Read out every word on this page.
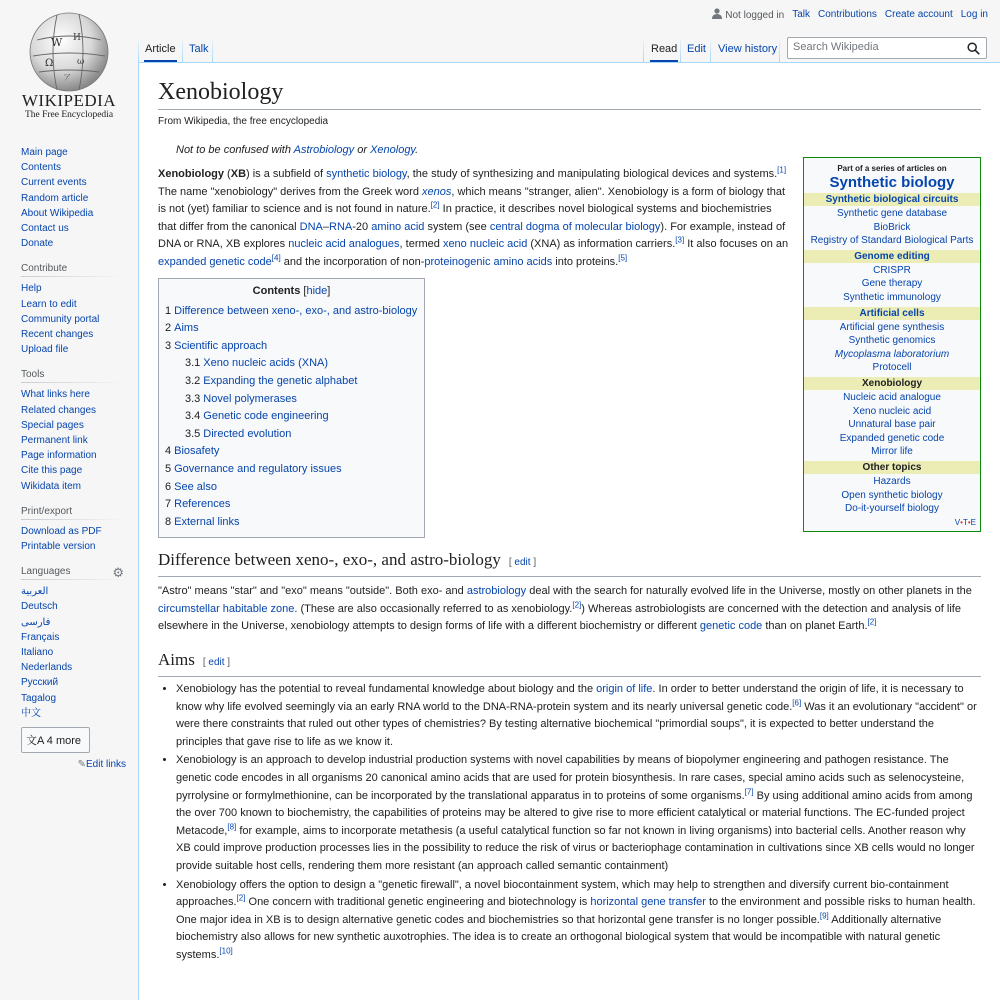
W И
Ω	ω
ア
WIKIPEDIA
The Free Encyclopedia
Main page
Contents
Current events
Random article
About Wikipedia
Contact us
Donate
Contribute
Help
Learn to edit
Community portal
Recent changes
Upload file
Tools
What links here
Related changes
Special pages
Permanent link
Page information
Cite this page
Wikidata item
Print/export
Download as PDF
Printable version
Languages	⚙
العربية
Deutsch
فارسی
Français
Italiano
Nederlands
Русский
Tagalog
中文
文A 4 more
✎Edit links
Not logged in Talk Contributions Create account Log in
Article Talk	Read Edit View history
Search Wikipedia
Xenobiology
From Wikipedia, the free encyclopedia
Not to be confused with Astrobiology or Xenology.
Part of a series of articles on
Synthetic biology
Synthetic biological circuits
Synthetic gene database
BioBrick
Registry of Standard Biological Parts
Genome editing
CRISPR
Gene therapy
Synthetic immunology
Artificial cells
Artificial gene synthesis
Synthetic genomics
Mycoplasma laboratorium
Protocell
Xenobiology
Nucleic acid analogue
Xeno nucleic acid
Unnatural base pair
Expanded genetic code
Mirror life
Other topics
Hazards
Open synthetic biology
Do-it-yourself biology
V•T•E

Xenobiology (XB) is a subfield of synthetic biology, the study of synthesizing and manipulating biological devices and systems.[1] The name "xenobiology" derives from the Greek word xenos, which means "stranger, alien". Xenobiology is a form of biology that is not (yet) familiar to science and is not found in nature.[2] In practice, it describes novel biological systems and biochemistries that differ from the canonical DNA–RNA-20 amino acid system (see central dogma of molecular biology). For example, instead of DNA or RNA, XB explores nucleic acid analogues, termed xeno nucleic acid (XNA) as information carriers.[3] It also focuses on an expanded genetic code[4] and the incorporation of non-proteinogenic amino acids into proteins.[5]

Contents [hide]
1 Difference between xeno-, exo-, and astro-biology
2 Aims
3 Scientific approach
3.1 Xeno nucleic acids (XNA)
3.2 Expanding the genetic alphabet
3.3 Novel polymerases
3.4 Genetic code engineering
3.5 Directed evolution
4 Biosafety
5 Governance and regulatory issues
6 See also
7 References
8 External links
Difference between xeno-, exo-, and astro-biology [ edit ]

"Astro" means "star" and "exo" means "outside". Both exo- and astrobiology deal with the search for naturally evolved life in the Universe, mostly on other planets in the circumstellar habitable zone. (These are also occasionally referred to as xenobiology.[2]) Whereas astrobiologists are concerned with the detection and analysis of life elsewhere in the Universe, xenobiology attempts to design forms of life with a different biochemistry or different genetic code than on planet Earth.[2]

Aims [ edit ]
• Xenobiology has the potential to reveal fundamental knowledge about biology and the origin of life. In order to better understand the origin of life, it is necessary to know why life evolved seemingly via an early RNA world to the DNA-RNA-protein system and its nearly universal genetic code.[6] Was it an evolutionary "accident" or were there constraints that ruled out other types of chemistries? By testing alternative biochemical "primordial soups", it is expected to better understand the principles that gave rise to life as we know it.
• Xenobiology is an approach to develop industrial production systems with novel capabilities by means of biopolymer engineering and pathogen resistance. The genetic code encodes in all organisms 20 canonical amino acids that are used for protein biosynthesis. In rare cases, special amino acids such as selenocysteine, pyrrolysine or formylmethionine, can be incorporated by the translational apparatus in to proteins of some organisms.[7] By using additional amino acids from among the over 700 known to biochemistry, the capabilities of proteins may be altered to give rise to more efficient catalytical or material functions. The EC-funded project Metacode,[8] for example, aims to incorporate metathesis (a useful catalytical function so far not known in living organisms) into bacterial cells. Another reason why XB could improve production processes lies in the possibility to reduce the risk of virus or bacteriophage contamination in cultivations since XB cells would no longer provide suitable host cells, rendering them more resistant (an approach called semantic containment)
• Xenobiology offers the option to design a "genetic firewall", a novel biocontainment system, which may help to strengthen and diversify current bio-containment approaches.[2] One concern with traditional genetic engineering and biotechnology is horizontal gene transfer to the environment and possible risks to human health. One major idea in XB is to design alternative genetic codes and biochemistries so that horizontal gene transfer is no longer possible.[9] Additionally alternative biochemistry also allows for new synthetic auxotrophies. The idea is to create an orthogonal biological system that would be incompatible with natural genetic systems.[10]
